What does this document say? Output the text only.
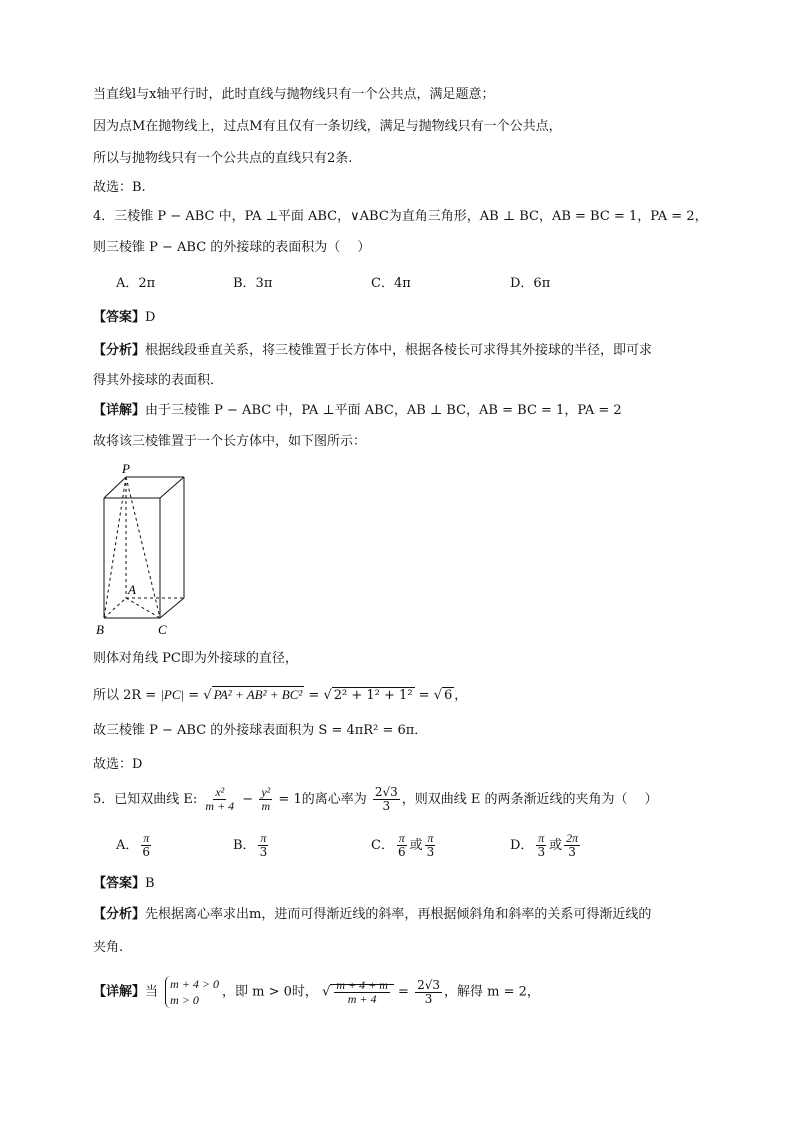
当直线l与x轴平行时，此时直线与抛物线只有一个公共点，满足题意；
因为点M在抛物线上，过点M有且仅有一条切线，满足与抛物线只有一个公共点，
所以与抛物线只有一个公共点的直线只有2条.
故选：B.
4．三棱锥 P − ABC 中，PA ⊥平面 ABC，∨ABC为直角三角形，AB ⊥ BC，AB = BC = 1，PA = 2，
则三棱锥 P − ABC 的外接球的表面积为（　 ）
A．2π	B．3π	C．4π	D．6π
【答案】D
【分析】根据线段垂直关系，将三棱锥置于长方体中，根据各棱长可求得其外接球的半径，即可求
得其外接球的表面积．
【详解】由于三棱锥 P − ABC 中，PA ⊥平面 ABC，AB ⊥ BC，AB = BC = 1，PA = 2
故将该三棱锥置于一个长方体中，如下图所示：
P
A
B	C
则体对角线 PC即为外接球的直径，
所以 2R = |PC| = √ PA² + AB² + BC² = √ 2² + 1² + 1² = √ 6 ，
故三棱锥 P − ABC 的外接球表面积为 S = 4πR² = 6π．
故选：D
5．已知双曲线 E: $\frac{\text{x²}}{m + 4} - \frac{\text{y²}}{m} = 1$的离心率为 $\frac{2√3}{3}$ ，则双曲线 E 的两条渐近线的夹角为（　 ）
A． $\frac{\pi}{6}$	B． $\frac{\pi}{3}$	C． $\frac{\pi}{6}$ 或 $\frac{\pi}{3}$	D． $\frac{\pi}{3}$ 或 $\frac{2\pi}{3}$
【答案】B
【分析】先根据离心率求出m，进而可得渐近线的斜率，再根据倾斜角和斜率的关系可得渐近线的
夹角.
【详解】当
m + 4 > 0
m > 0
，即 m > 0时， √ $\frac{m + 4 + m}{m + 4} = \frac{2√3}{3}$ ，解得 m = 2，
